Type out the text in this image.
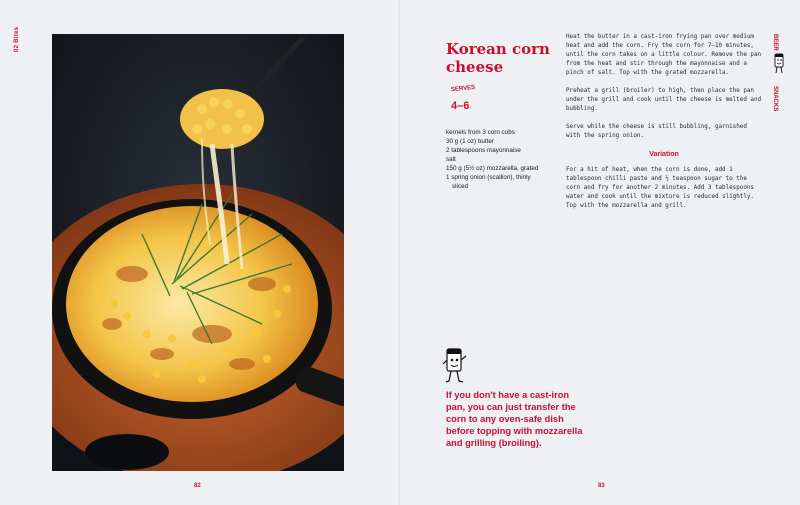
02 Bites
82
Korean corn cheese
SERVES
4–6
kernels from 3 corn cobs
30 g (1 oz) butter
2 tablespoons mayonnaise
salt
150 g (5½ oz) mozzarella, grated
1 spring onion (scallion), thinly
sliced

Heat the butter in a cast-iron frying pan over medium heat and add the corn. Fry the corn for 7–10 minutes, until the corn takes on a little colour. Remove the pan from the heat and stir through the mayonnaise and a pinch of salt. Top with the grated mozzarella.

Preheat a grill (broiler) to high, then place the pan under the grill and cook until the cheese is melted and bubbling.

Serve while the cheese is still bubbling, garnished with the spring onion.

Variation

For a hit of heat, when the corn is done, add 1 tablespoon chilli paste and ½ teaspoon sugar to the corn and fry for another 2 minutes. Add 3 tablespoons water and cook until the mixture is reduced slightly. Top with the mozzarella and grill.

If you don't have a cast-iron pan, you can just transfer the corn to any oven-safe dish before topping with mozzarella and grilling (broiling).
83
BEER
SNACKS
